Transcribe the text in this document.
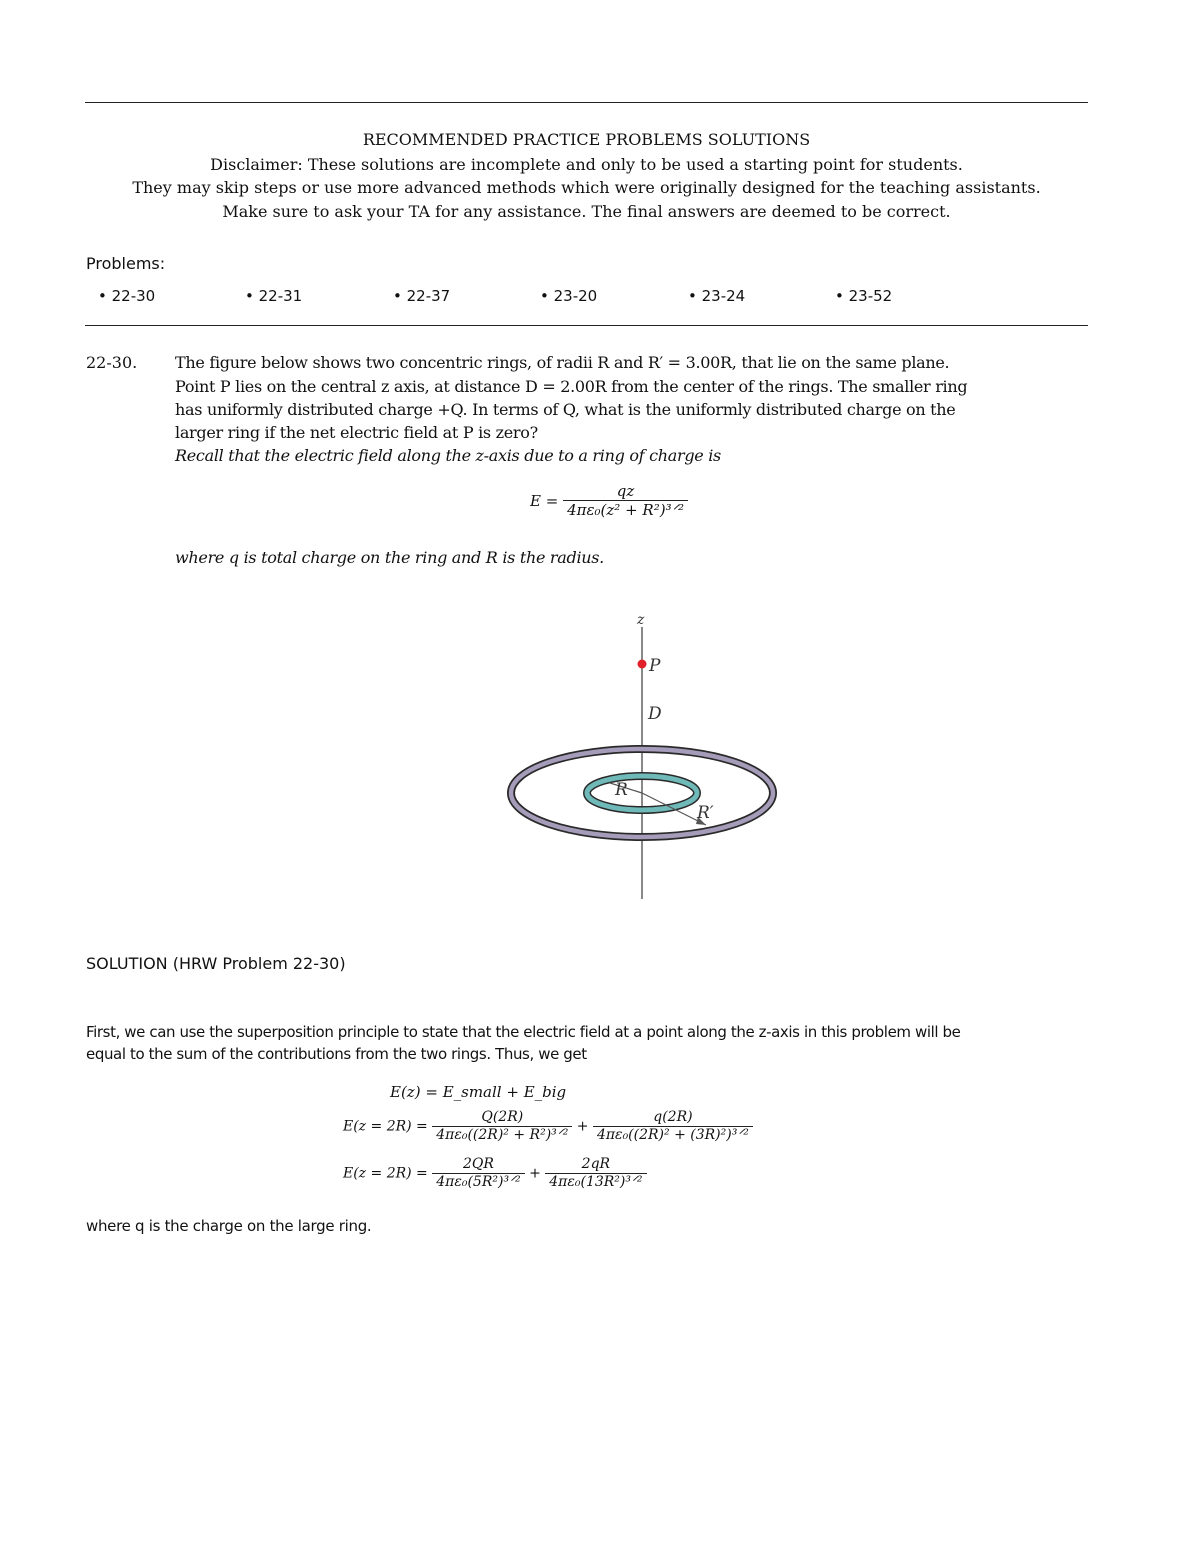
RECOMMENDED PRACTICE PROBLEMS SOLUTIONS
Disclaimer: These solutions are incomplete and only to be used a starting point for students.
They may skip steps or use more advanced methods which were originally designed for the teaching assistants.
Make sure to ask your TA for any assistance. The final answers are deemed to be correct.
Problems:
• 22-30	• 22-31	• 22-37	• 23-20	• 23-24	• 23-52
22-30. The figure below shows two concentric rings, of radii R and R′ = 3.00R, that lie on the same plane.
Point P lies on the central z axis, at distance D = 2.00R from the center of the rings. The smaller ring
has uniformly distributed charge +Q. In terms of Q, what is the uniformly distributed charge on the
larger ring if the net electric field at P is zero?
Recall that the electric field along the z-axis due to a ring of charge is
$E = \frac{qz}{\text{4πε₀(z² + R²)³ᐟ²}}$
where q is total charge on the ring and R is the radius.
z
P
D
R
R′
SOLUTION (HRW Problem 22-30)
First, we can use the superposition principle to state that the electric field at a point along the z-axis in this problem will be
equal to the sum of the contributions from the two rings. Thus, we get
E(z) = E_small + E_big
$E(z = 2R) = \frac{Q(2R)}{\text{4πε₀((2R)² + R²)³ᐟ²}} + \frac{q(2R)}{\text{4πε₀((2R)² + (3R)²)³ᐟ²}}$
$E(z = 2R) = \frac{2QR}{\text{4πε₀(5R²)³ᐟ²}} + \frac{2qR}{\text{4πε₀(13R²)³ᐟ²}}$
where q is the charge on the large ring.
